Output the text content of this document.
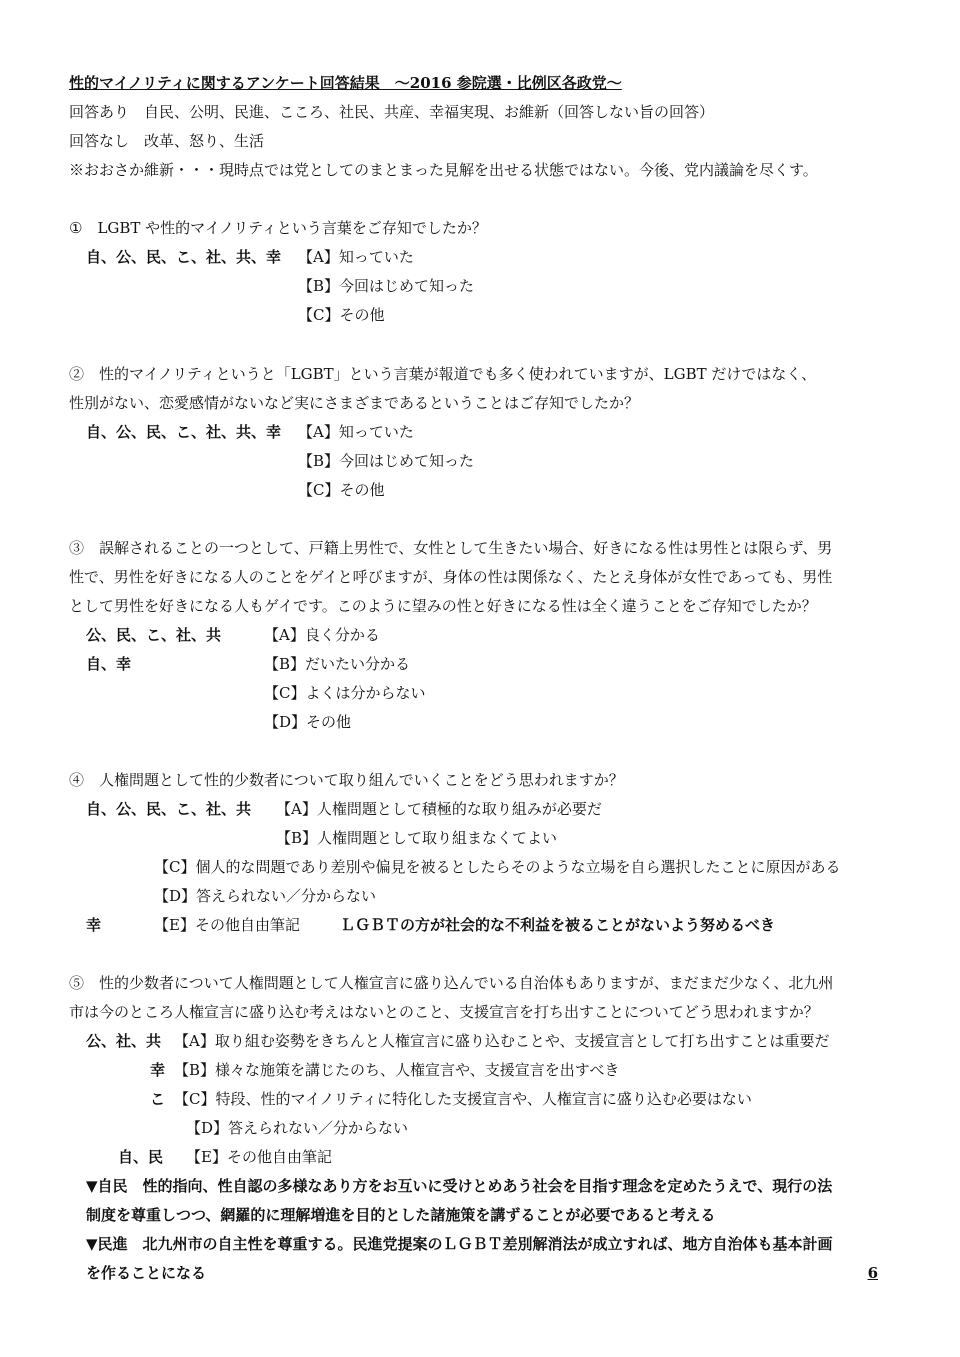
性的マイノリティに関するアンケート回答結果　～2016 参院選・比例区各政党～
回答あり　自民、公明、民進、こころ、社民、共産、幸福実現、お維新（回答しない旨の回答）
回答なし　改革、怒り、生活
※おおさか維新・・・現時点では党としてのまとまった見解を出せる状態ではない。今後、党内議論を尽くす。
①　LGBT や性的マイノリティという言葉をご存知でしたか？
自、公、民、こ、社、共、幸 【A】知っていた
【B】今回はじめて知った
【C】その他
②　性的マイノリティというと「LGBT」という言葉が報道でも多く使われていますが、LGBT だけではなく、
性別がない、恋愛感情がないなど実にさまざまであるということはご存知でしたか？
自、公、民、こ、社、共、幸 【A】知っていた
【B】今回はじめて知った
【C】その他
③　誤解されることの一つとして、戸籍上男性で、女性として生きたい場合、好きになる性は男性とは限らず、男
性で、男性を好きになる人のことをゲイと呼びますが、身体の性は関係なく、たとえ身体が女性であっても、男性
として男性を好きになる人もゲイです。このように望みの性と好きになる性は全く違うことをご存知でしたか？
公、民、こ、社、共	【A】良く分かる
自、幸	【B】だいたい分かる
【C】よくは分からない
【D】その他
④　人権問題として性的少数者について取り組んでいくことをどう思われますか？
自、公、民、こ、社、共 【A】人権問題として積極的な取り組みが必要だ
【B】人権問題として取り組まなくてよい
【C】個人的な問題であり差別や偏見を被るとしたらそのような立場を自ら選択したことに原因がある
【D】答えられない／分からない
幸	【E】その他自由筆記	ＬＧＢＴの方が社会的な不利益を被ることがないよう努めるべき
⑤　性的少数者について人権問題として人権宣言に盛り込んでいる自治体もありますが、まだまだ少なく、北九州
市は今のところ人権宣言に盛り込む考えはないとのこと、支援宣言を打ち出すことについてどう思われますか？
公、社、共 【A】取り組む姿勢をきちんと人権宣言に盛り込むことや、支援宣言として打ち出すことは重要だ
幸 【B】様々な施策を講じたのち、人権宣言や、支援宣言を出すべき
こ 【C】特段、性的マイノリティに特化した支援宣言や、人権宣言に盛り込む必要はない
【D】答えられない／分からない
自、民 【E】その他自由筆記
▼自民　性的指向、性自認の多様なあり方をお互いに受けとめあう社会を目指す理念を定めたうえで、現行の法
制度を尊重しつつ、網羅的に理解増進を目的とした諸施策を講ずることが必要であると考える
▼民進　北九州市の自主性を尊重する。民進党提案のＬＧＢＴ差別解消法が成立すれば、地方自治体も基本計画
を作ることになる	6
